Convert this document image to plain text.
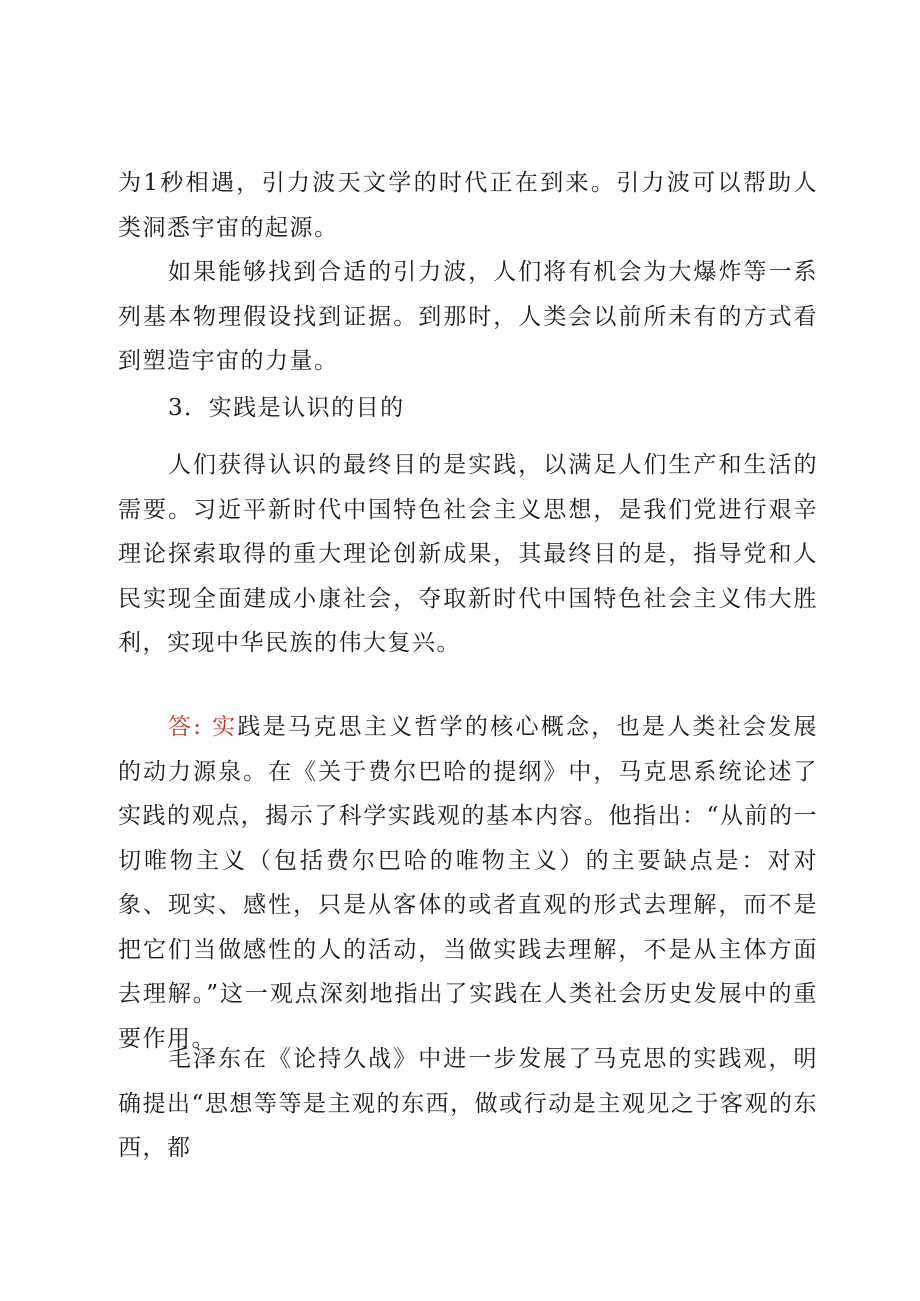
为1秒相遇，引力波天文学的时代正在到来。引力波可以帮助人类洞悉宇宙的起源。

如果能够找到合适的引力波，人们将有机会为大爆炸等一系列基本物理假设找到证据。到那时，人类会以前所未有的方式看到塑造宇宙的力量。

3．实践是认识的目的

人们获得认识的最终目的是实践，以满足人们生产和生活的需要。习近平新时代中国特色社会主义思想，是我们党进行艰辛理论探索取得的重大理论创新成果，其最终目的是，指导党和人民实现全面建成小康社会，夺取新时代中国特色社会主义伟大胜利，实现中华民族的伟大复兴。

答: 实践是马克思主义哲学的核心概念，也是人类社会发展的动力源泉。在《关于费尔巴哈的提纲》中，马克思系统论述了实践的观点，揭示了科学实践观的基本内容。他指出：“从前的一切唯物主义（包括费尔巴哈的唯物主义）的主要缺点是：对对象、现实、感性，只是从客体的或者直观的形式去理解，而不是把它们当做感性的人的活动，当做实践去理解，不是从主体方面去理解。”这一观点深刻地指出了实践在人类社会历史发展中的重要作用。

毛泽东在《论持久战》中进一步发展了马克思的实践观，明确提出“思想等等是主观的东西，做或行动是主观见之于客观的东西，都
